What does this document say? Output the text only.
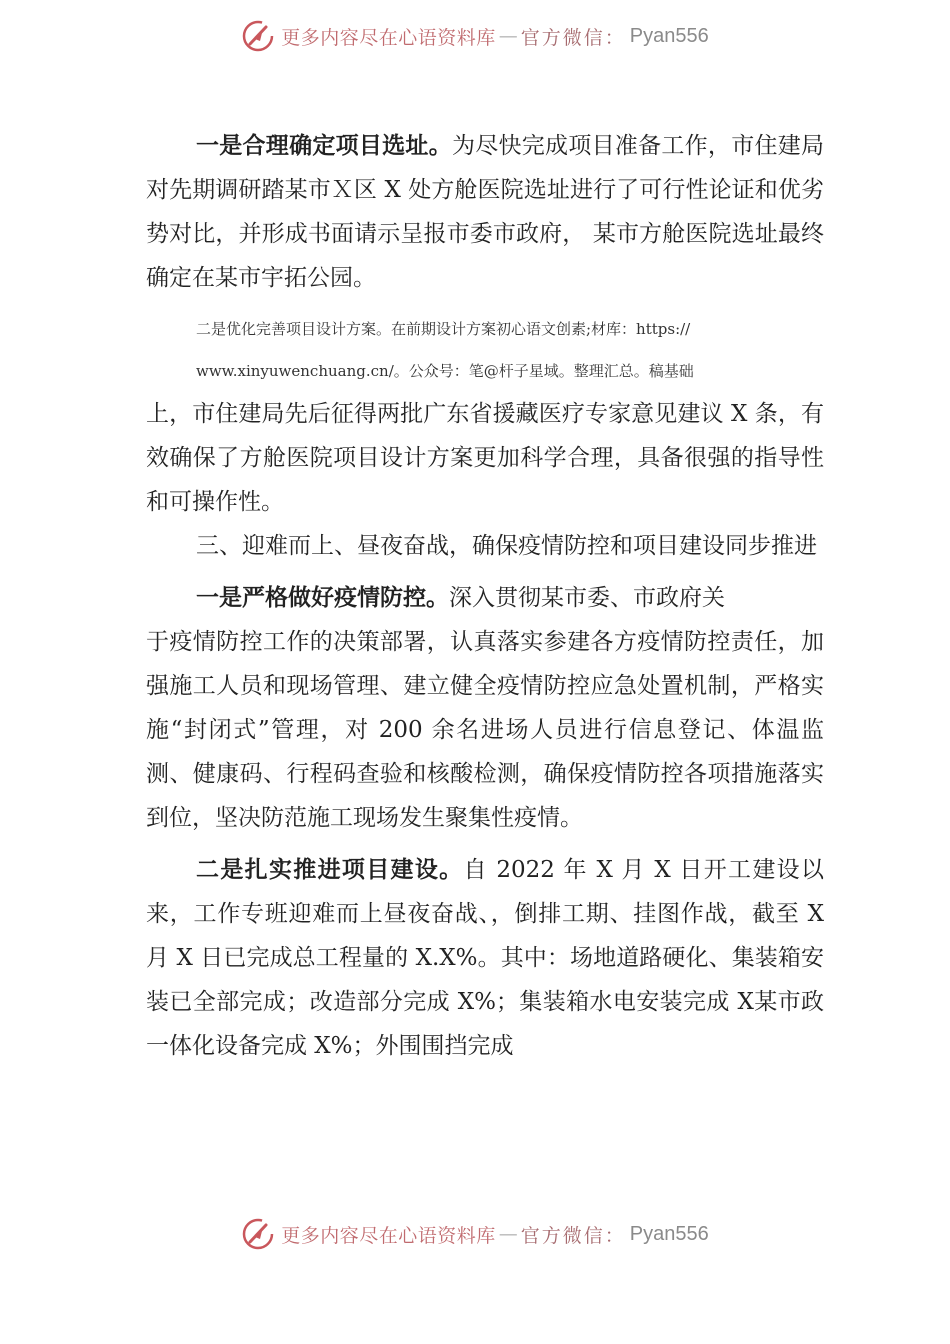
更多内容尽在心语资料库 — 官方微信： Pyan556

一是合理确定项目选址。为尽快完成项目准备工作，市住建局对先期调研踏某市Ｘ区 X 处方舱医院选址进行了可行性论证和优劣势对比，并形成书面请示呈报市委市政府， 某市方舱医院选址最终确定在某市宇拓公园。

二是优化完善项目设计方案。在前期设计方案初心语文创素;材库：https://

www.xinyuwenchuang.cn/。公众号：笔@杆子星域。整理汇总。稿基础

上，市住建局先后征得两批广东省援藏医疗专家意见建议 X 条，有效确保了方舱医院项目设计方案更加科学合理，具备很强的指导性和可操作性。

三、迎难而上、昼夜奋战，确保疫情防控和项目建设同步推进

一是严格做好疫情防控。深入贯彻某市委、市政府关

于疫情防控工作的决策部署，认真落实参建各方疫情防控责任，加强施工人员和现场管理、建立健全疫情防控应急处置机制，严格实施“封闭式”管理，对 200 余名进场人员进行信息登记、体温监测、健康码、行程码查验和核酸检测，确保疫情防控各项措施落实到位，坚决防范施工现场发生聚集性疫情。

二是扎实推进项目建设。自 2022 年 X 月 X 日开工建设以来，工作专班迎难而上昼夜奋战、，倒排工期、挂图作战，截至 X 月 X 日已完成总工程量的 X.X%。其中：场地道路硬化、集装箱安装已全部完成；改造部分完成 X%；集装箱水电安装完成 X某市政一体化设备完成 X%；外围围挡完成

更多内容尽在心语资料库 — 官方微信： Pyan556
